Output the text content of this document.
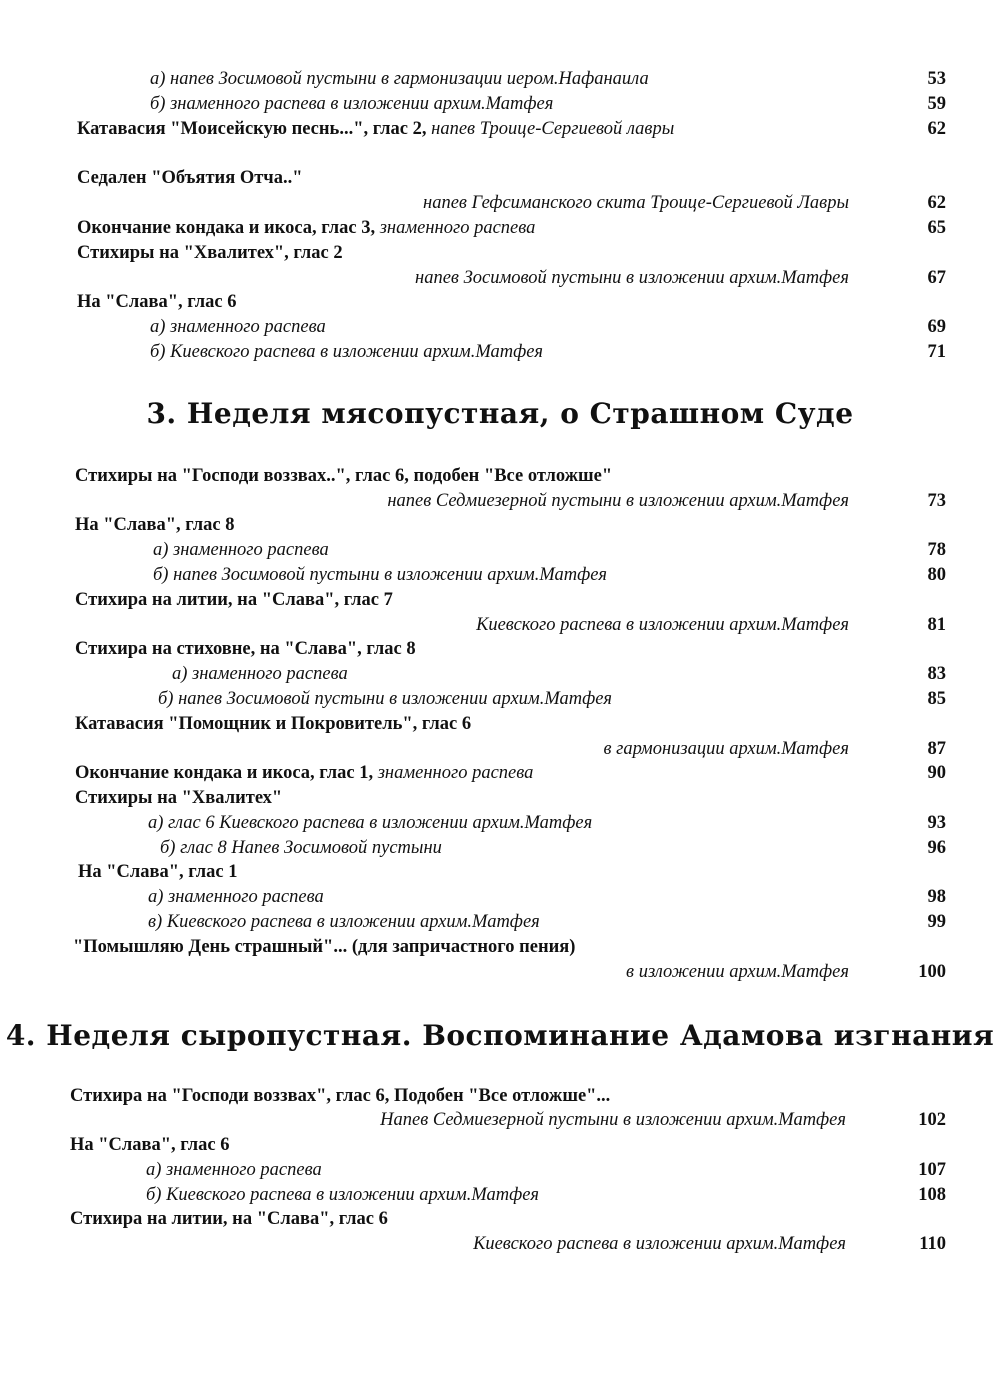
а) напев Зосимовой пустыни в гармонизации иером.Нафанаила	53
б) знаменного распева в изложении архим.Матфея	59
Катавасия "Моисейскую песнь...", глас 2, напев Троице-Сергиевой лавры	62
Седален "Объятия Отча.."
напев Гефсиманского скита Троице-Сергиевой Лавры	62
Окончание кондака и икоса, глас 3, знаменного распева	65
Стихиры на "Хвалитех", глас 2
напев Зосимовой пустыни в изложении архим.Матфея	67
На "Слава", глас 6
а) знаменного распева	69
б) Киевского распева в изложении архим.Матфея	71
3. Неделя мясопустная, о Страшном Суде
Стихиры на "Господи воззвах..", глас 6, подобен "Все отложше"
напев Седмиезерной пустыни в изложении архим.Матфея	73
На "Слава", глас 8
а) знаменного распева	78
б) напев Зосимовой пустыни в изложении архим.Матфея	80
Стихира на литии, на "Слава", глас 7
Киевского распева в изложении архим.Матфея	81
Стихира на стиховне, на "Слава", глас 8
а) знаменного распева	83
б) напев Зосимовой пустыни в изложении архим.Матфея	85
Катавасия "Помощник и Покровитель", глас 6
в гармонизации архим.Матфея	87
Окончание кондака и икоса, глас 1, знаменного распева	90
Стихиры на "Хвалитех"
а) глас 6 Киевского распева в изложении архим.Матфея	93
б) глас 8 Напев Зосимовой пустыни	96
На "Слава", глас 1
а) знаменного распева	98
в) Киевского распева в изложении архим.Матфея	99
"Помышляю День страшный"... (для запричастного пения)
в изложении архим.Матфея	100
4. Неделя сыропустная. Воспоминание Адамова изгнания
Стихира на "Господи воззвах", глас 6, Подобен "Все отложше"...
Напев Седмиезерной пустыни в изложении архим.Матфея	102
На "Слава", глас 6
а) знаменного распева	107
б) Киевского распева в изложении архим.Матфея	108
Стихира на литии, на "Слава", глас 6
Киевского распева в изложении архим.Матфея	110
